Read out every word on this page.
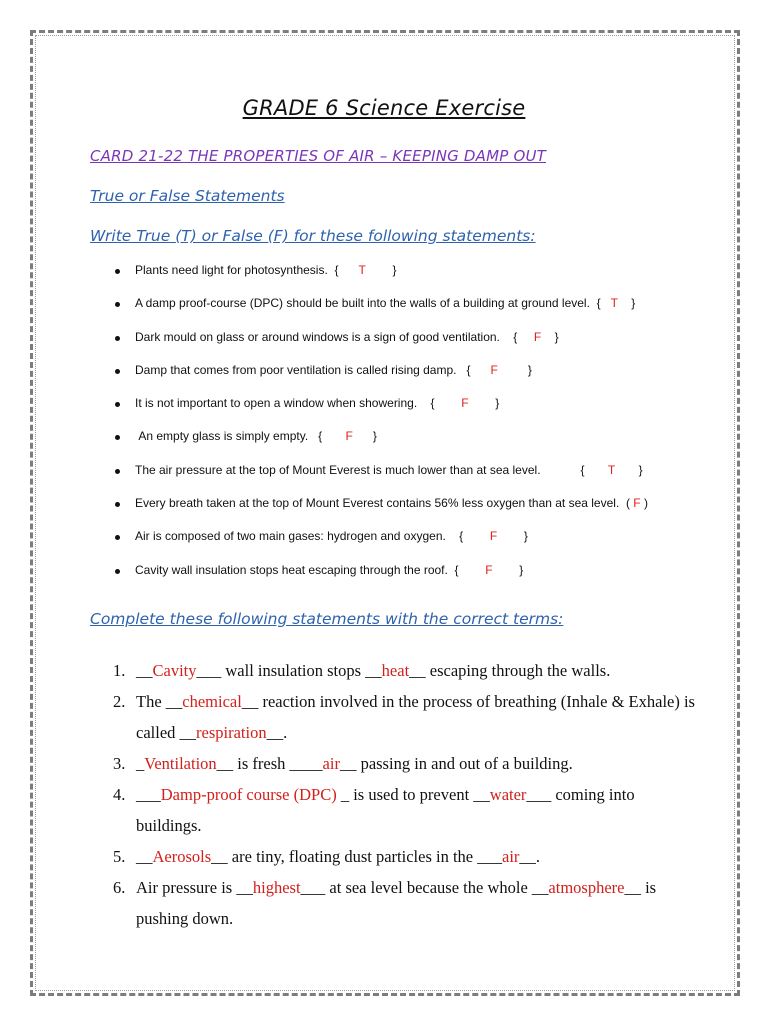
GRADE 6 Science Exercise
CARD 21-22 THE PROPERTIES OF AIR – KEEPING DAMP OUT
True or False Statements
Write True (T) or False (F) for these following statements:
Plants need light for photosynthesis.  {      T        }
A damp proof-course (DPC) should be built into the walls of a building at ground level.  {   T    }
Dark mould on glass or around windows is a sign of good ventilation.    {     F    }
Damp that comes from poor ventilation is called rising damp.   {      F         }
It is not important to open a window when showering.    {        F        }
An empty glass is simply empty.   {       F      }
The air pressure at the top of Mount Everest is much lower than at sea level.            {       T       }
Every breath taken at the top of Mount Everest contains 56% less oxygen than at sea level.  ( F )
Air is composed of two main gases: hydrogen and oxygen.    {        F        }
Cavity wall insulation stops heat escaping through the roof.  {        F        }
Complete these following statements with the correct terms:
1. __Cavity___ wall insulation stops __heat__ escaping through the walls.
2. The __chemical__ reaction involved in the process of breathing (Inhale & Exhale) is called __respiration__.
3. _Ventilation__ is fresh ____air__ passing in and out of a building.
4. ___Damp-proof course (DPC) _ is used to prevent __water___ coming into buildings.
5. __Aerosols__ are tiny, floating dust particles in the ___air__.
6. Air pressure is __highest___ at sea level because the whole __atmosphere__ is pushing down.
